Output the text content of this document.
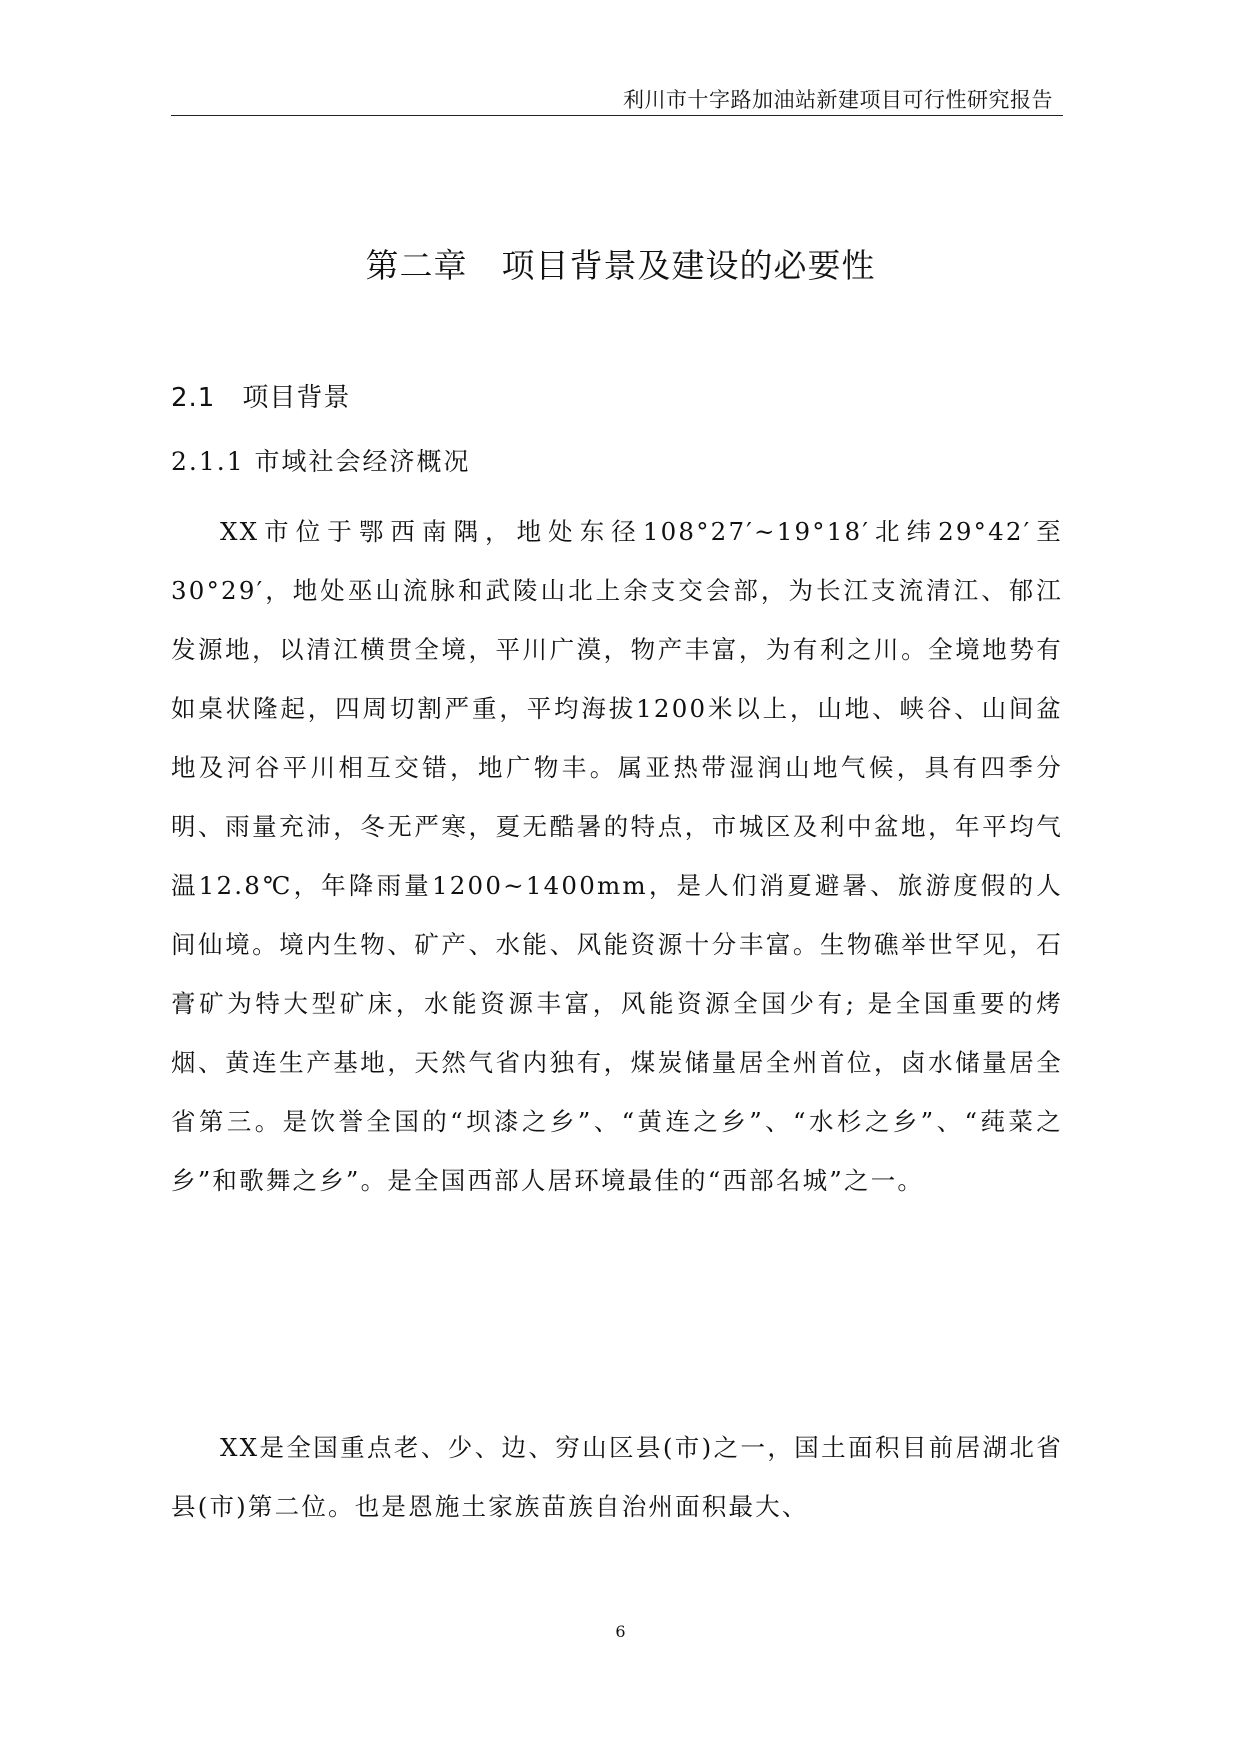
利川市十字路加油站新建项目可行性研究报告
第二章　项目背景及建设的必要性
2.1　项目背景
2.1.1 市域社会经济概况

XX市位于鄂西南隅，地处东径108°27′~19°18′北纬29°42′至30°29′，地处巫山流脉和武陵山北上余支交会部，为长江支流清江、郁江发源地，以清江横贯全境，平川广漠，物产丰富，为有利之川。全境地势有如桌状隆起，四周切割严重，平均海拔1200米以上，山地、峡谷、山间盆地及河谷平川相互交错，地广物丰。属亚热带湿润山地气候，具有四季分明、雨量充沛，冬无严寒，夏无酷暑的特点，市城区及利中盆地，年平均气温12.8℃，年降雨量1200~1400mm，是人们消夏避暑、旅游度假的人间仙境。境内生物、矿产、水能、风能资源十分丰富。生物礁举世罕见，石膏矿为特大型矿床，水能资源丰富，风能资源全国少有; 是全国重要的烤烟、黄连生产基地，天然气省内独有，煤炭储量居全州首位，卤水储量居全省第三。是饮誉全国的“坝漆之乡”、“黄连之乡”、“水杉之乡”、“莼菜之乡”和歌舞之乡”。是全国西部人居环境最佳的“西部名城”之一。

XX是全国重点老、少、边、穷山区县(市)之一，国土面积目前居湖北省县(市)第二位。也是恩施土家族苗族自治州面积最大、

6
